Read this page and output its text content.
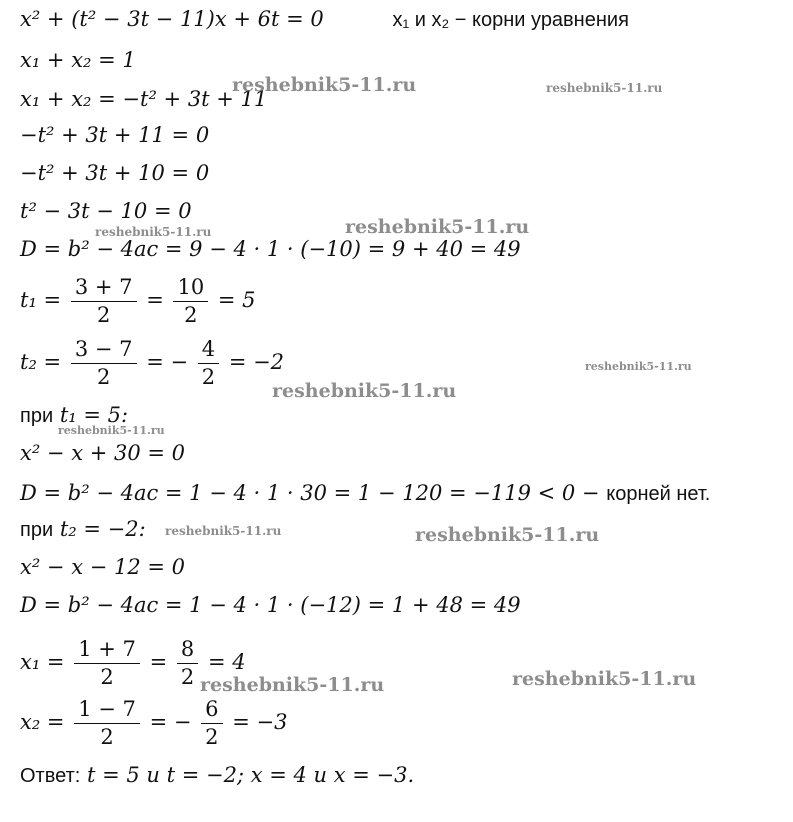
x² + (t² − 3t − 11)x + 6t = 0	x₁ и x₂ − корни уравнения
x₁ + x₂ = 1
x₁ + x₂ = −t² + 3t + 11
−t² + 3t + 11 = 0
−t² + 3t + 10 = 0
t² − 3t − 10 = 0
D = b² − 4ac = 9 − 4 · 1 · (−10) = 9 + 40 = 49
$t_1 = \frac{3 + 7}{2} = \frac{10}{2} = 5$
$t_2 = \frac{3 - 7}{2}$ = − $\frac{4}{2} = -2$
при t₁ = 5:
x² − x + 30 = 0
D = b² − 4ac = 1 − 4 · 1 · 30 = 1 − 120 = −119 < 0 − корней нет.
при t₂ = −2:
x² − x − 12 = 0
D = b² − 4ac = 1 − 4 · 1 · (−12) = 1 + 48 = 49
$x_1 = \frac{1 + 7}{2} = \frac{8}{2} = 4$
$x_2 = \frac{1 - 7}{2}$ = − $\frac{6}{2} = -3$
Ответ: t = 5 и t = −2; x = 4 и x = −3.
reshebnik5-11.ru	reshebnik5-11.ru
reshebnik5-11.ru	reshebnik5-11.ru
reshebnik5-11.ru
reshebnik5-11.ru
reshebnik5-11.ru
reshebnik5-11.ru	reshebnik5-11.ru
reshebnik5-11.ru	reshebnik5-11.ru
